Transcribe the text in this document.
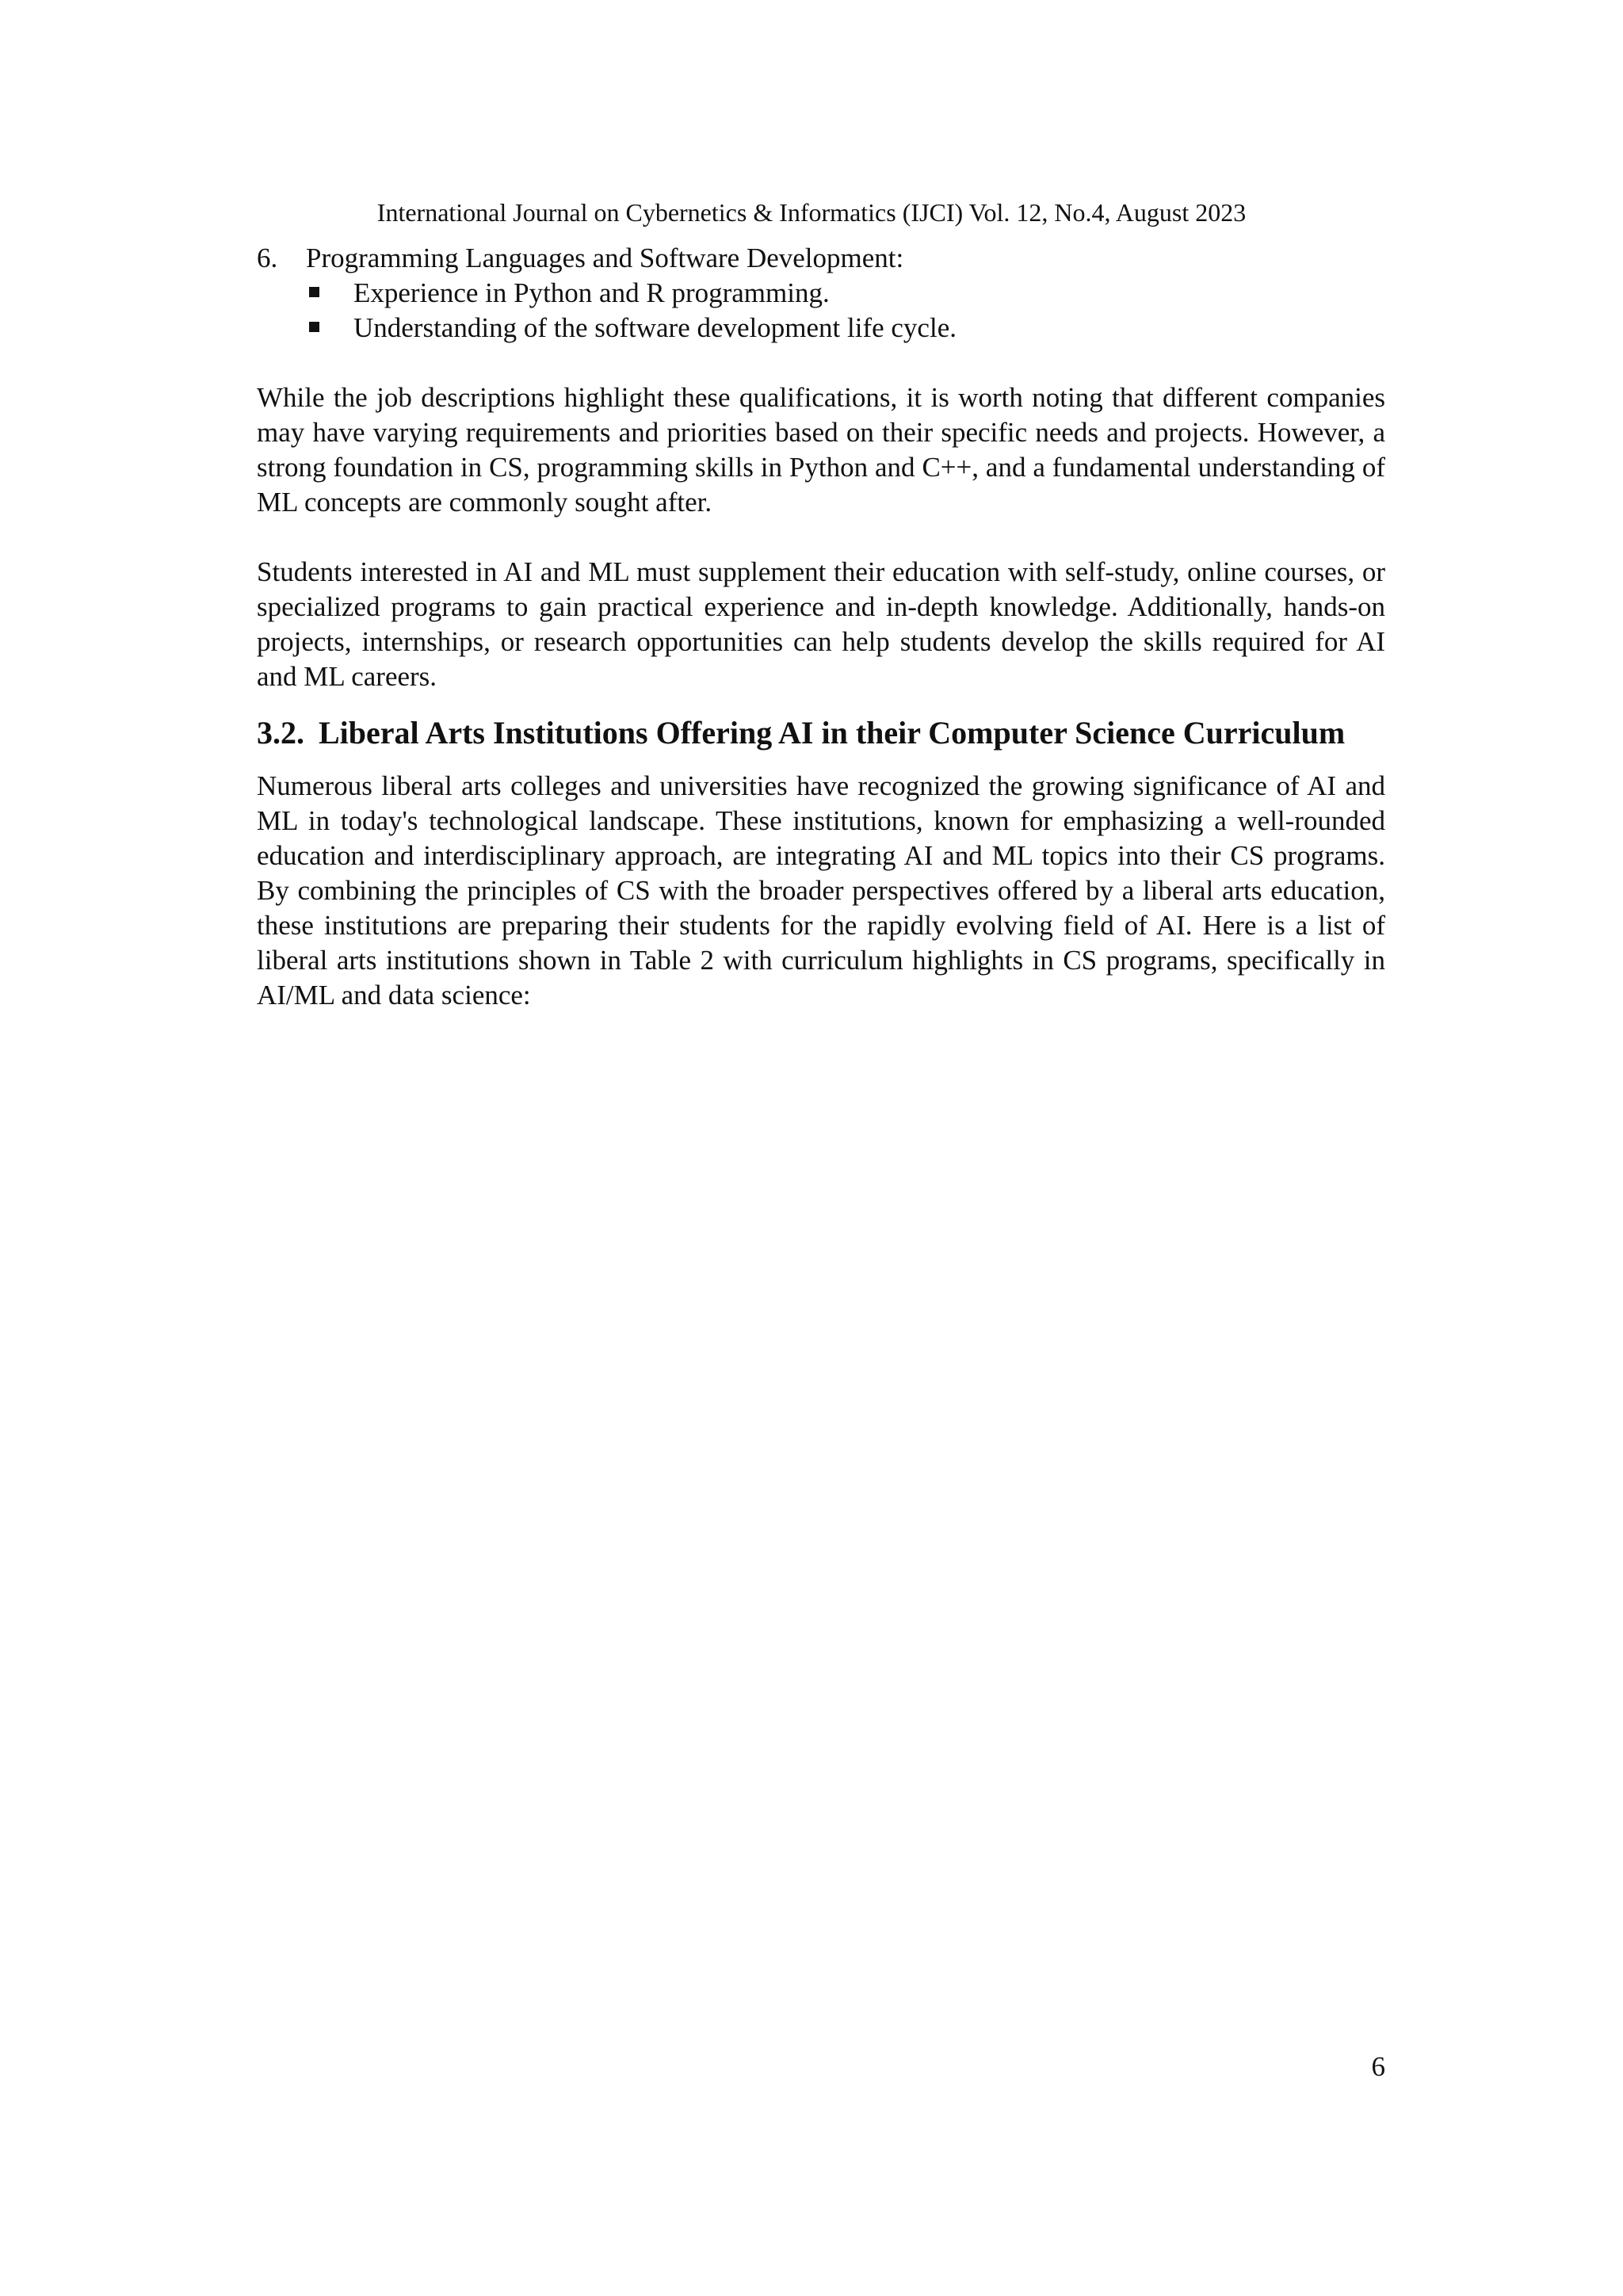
International Journal on Cybernetics & Informatics (IJCI) Vol. 12, No.4, August 2023
6. Programming Languages and Software Development:
Experience in Python and R programming.
Understanding of the software development life cycle.

While the job descriptions highlight these qualifications, it is worth noting that different companies may have varying requirements and priorities based on their specific needs and projects. However, a strong foundation in CS, programming skills in Python and C++, and a fundamental understanding of ML concepts are commonly sought after.

Students interested in AI and ML must supplement their education with self-study, online courses, or specialized programs to gain practical experience and in-depth knowledge. Additionally, hands-on projects, internships, or research opportunities can help students develop the skills required for AI and ML careers.

3.2. Liberal Arts Institutions Offering AI in their Computer Science Curriculum

Numerous liberal arts colleges and universities have recognized the growing significance of AI and ML in today's technological landscape. These institutions, known for emphasizing a well-rounded education and interdisciplinary approach, are integrating AI and ML topics into their CS programs. By combining the principles of CS with the broader perspectives offered by a liberal arts education, these institutions are preparing their students for the rapidly evolving field of AI. Here is a list of liberal arts institutions shown in Table 2 with curriculum highlights in CS programs, specifically in AI/ML and data science:

6
